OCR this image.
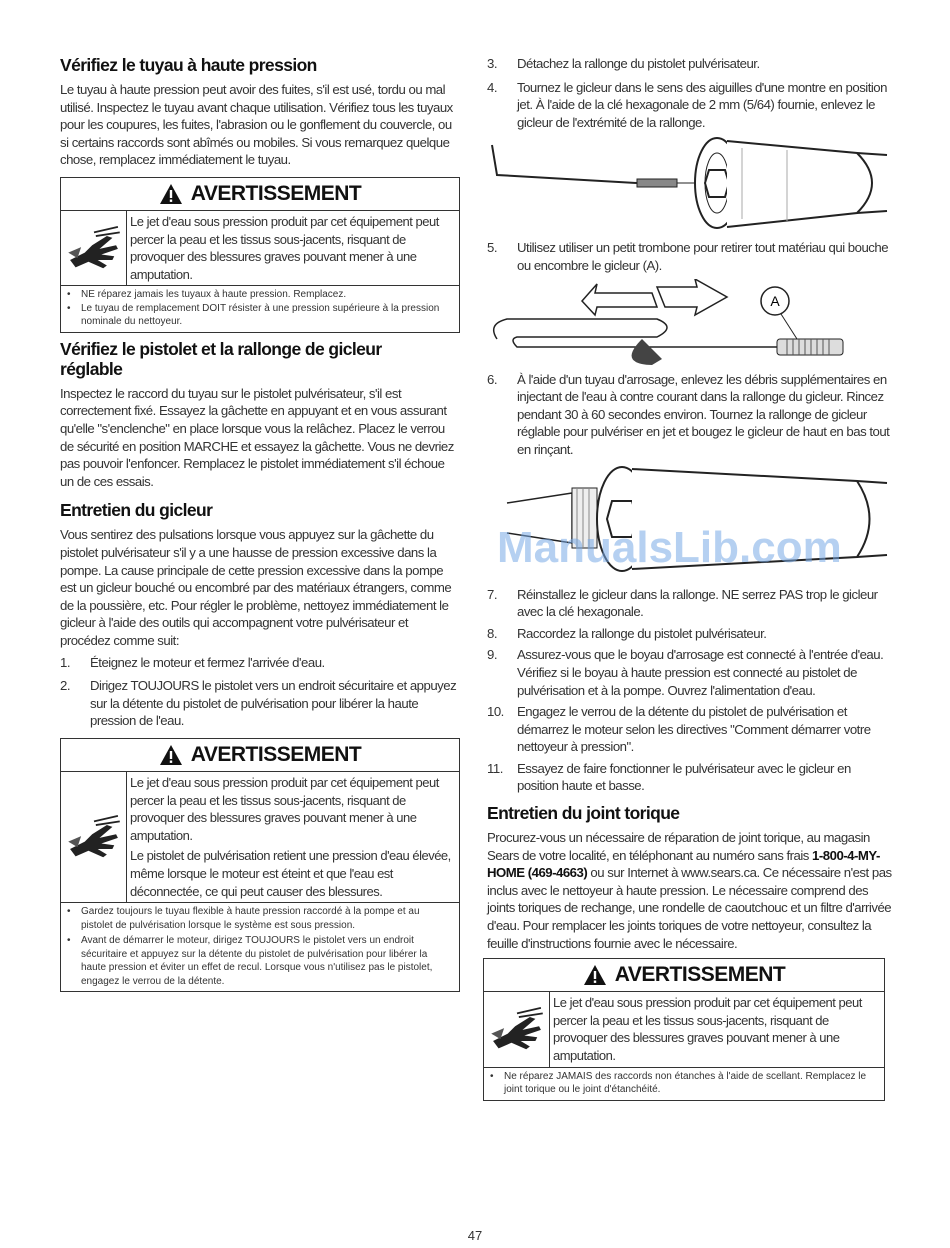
Vérifiez le tuyau à haute pression
Le tuyau à haute pression peut avoir des fuites, s'il est usé, tordu ou mal utilisé. Inspectez le tuyau avant chaque utilisation. Vérifiez tous les tuyaux pour les coupures, les fuites, l'abrasion ou le gonflement du couvercle, ou si certains raccords sont abîmés ou mobiles. Si vous remarquez quelque chose, remplacez immédiatement le tuyau.
AVERTISSEMENT
Le jet d'eau sous pression produit par cet équipement peut percer la peau et les tissus sous-jacents, risquant de provoquer des blessures graves pouvant mener à une amputation.
•	NE réparez jamais les tuyaux à haute pression. Remplacez.
•	Le tuyau de remplacement DOIT résister à une pression supérieure à la pression nominale du nettoyeur.
Vérifiez le pistolet et la rallonge de gicleur réglable
Inspectez le raccord du tuyau sur le pistolet pulvérisateur, s'il est correctement fixé. Essayez la gâchette en appuyant et en vous assurant qu'elle "s'enclenche" en place lorsque vous la relâchez. Placez le verrou de sécurité en position MARCHE et essayez la gâchette. Vous ne devriez pas pouvoir l'enfoncer. Remplacez le pistolet immédiatement s'il échoue un de ces essais.
Entretien du gicleur
Vous sentirez des pulsations lorsque vous appuyez sur la gâchette du pistolet pulvérisateur s'il y a une hausse de pression excessive dans la pompe. La cause principale de cette pression excessive dans la pompe est un gicleur bouché ou encombré par des matériaux étrangers, comme de la poussière, etc. Pour régler le problème, nettoyez immédiatement le gicleur à l'aide des outils qui accompagnent votre pulvérisateur et procédez comme suit:
1.	Éteignez le moteur et fermez l'arrivée d'eau.
2.	Dirigez TOUJOURS le pistolet vers un endroit sécuritaire et appuyez sur la détente du pistolet de pulvérisation pour libérer la haute pression de l'eau.
AVERTISSEMENT
Le jet d'eau sous pression produit par cet équipement peut percer la peau et les tissus sous-jacents, risquant de provoquer des blessures graves pouvant mener à une amputation.
Le pistolet de pulvérisation retient une pression d'eau élevée, même lorsque le moteur est éteint et que l'eau est déconnectée, ce qui peut causer des blessures.
•	Gardez toujours le tuyau flexible à haute pression raccordé à la pompe et au pistolet de pulvérisation lorsque le système est sous pression.
•	Avant de démarrer le moteur, dirigez TOUJOURS le pistolet vers un endroit sécuritaire et appuyez sur la détente du pistolet de pulvérisation pour libérer la haute pression et éviter un effet de recul. Lorsque vous n'utilisez pas le pistolet, engagez le verrou de la détente.
3.	Détachez la rallonge du pistolet pulvérisateur.
4.	Tournez le gicleur dans le sens des aiguilles d'une montre en position jet. À l'aide de la clé hexagonale de 2 mm (5/64) fournie, enlevez le gicleur de l'extrémité de la rallonge.
5.	Utilisez utiliser un petit trombone pour retirer tout matériau qui bouche ou encombre le gicleur (A).
A
6.	À l'aide d'un tuyau d'arrosage, enlevez les débris supplémentaires en injectant de l'eau à contre courant dans la rallonge du gicleur. Rincez pendant 30 à 60 secondes environ. Tournez la rallonge de gicleur réglable pour pulvériser en jet et bougez le gicleur de haut en bas tout en rinçant.
ManualsLib.com
7.	Réinstallez le gicleur dans la rallonge. NE serrez PAS trop le gicleur avec la clé hexagonale.
8.	Raccordez la rallonge du pistolet pulvérisateur.
9.	Assurez-vous que le boyau d'arrosage est connecté à l'entrée d'eau. Vérifiez si le boyau à haute pression est connecté au pistolet de pulvérisation et à la pompe. Ouvrez l'alimentation d'eau.
10. Engagez le verrou de la détente du pistolet de pulvérisation et démarrez le moteur selon les directives "Comment démarrer votre nettoyeur à pression".
11.	Essayez de faire fonctionner le pulvérisateur avec le gicleur en position haute et basse.
Entretien du joint torique
Procurez-vous un nécessaire de réparation de joint torique, au magasin Sears de votre localité, en téléphonant au numéro sans frais 1-800-4-MY-HOME (469-4663) ou sur Internet à www.sears.ca. Ce nécessaire n'est pas inclus avec le nettoyeur à haute pression. Le nécessaire comprend des joints toriques de rechange, une rondelle de caoutchouc et un filtre d'arrivée d'eau. Pour remplacer les joints toriques de votre nettoyeur, consultez la feuille d'instructions fournie avec le nécessaire.
AVERTISSEMENT
Le jet d'eau sous pression produit par cet équipement peut percer la peau et les tissus sous-jacents, risquant de provoquer des blessures graves pouvant mener à une amputation.
•	Ne réparez JAMAIS des raccords non étanches à l'aide de scellant. Remplacez le joint torique ou le joint d'étanchéité.
47
